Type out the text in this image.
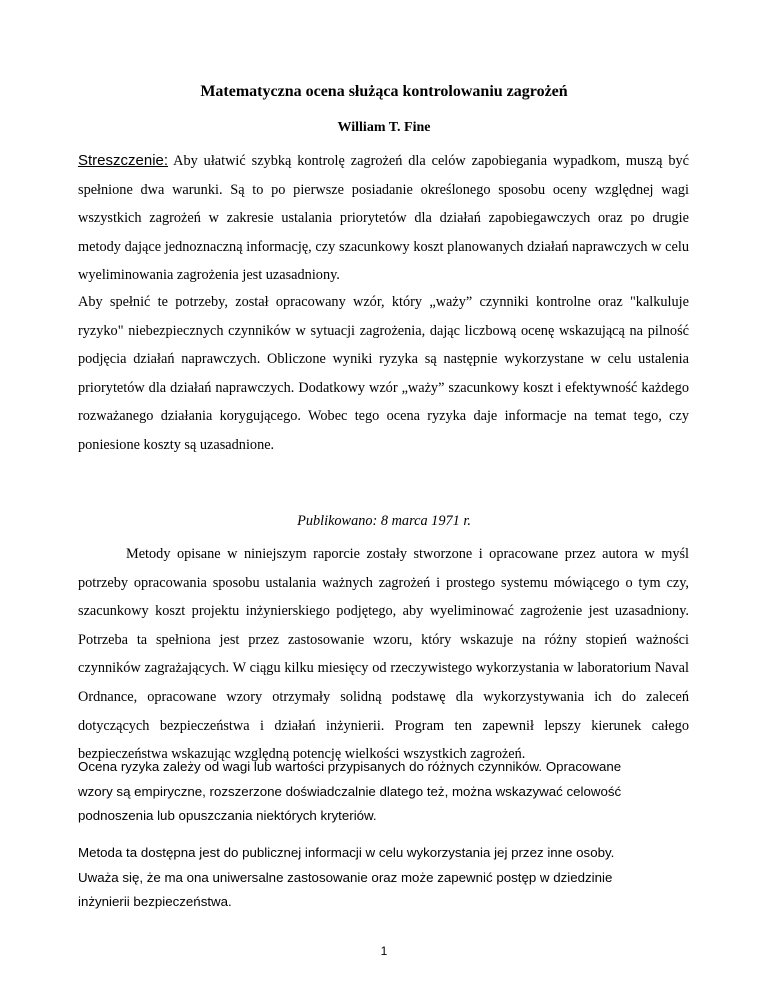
Matematyczna ocena służąca kontrolowaniu zagrożeń

William T. Fine

Streszczenie: Aby ułatwić szybką kontrolę zagrożeń dla celów zapobiegania wypadkom, muszą być spełnione dwa warunki. Są to po pierwsze posiadanie określonego sposobu oceny względnej wagi wszystkich zagrożeń w zakresie ustalania priorytetów dla działań zapobiegawczych oraz po drugie metody dające jednoznaczną informację, czy szacunkowy koszt planowanych działań naprawczych w celu wyeliminowania zagrożenia jest uzasadniony.

Aby spełnić te potrzeby, został opracowany wzór, który „waży” czynniki kontrolne oraz "kalkuluje ryzyko" niebezpiecznych czynników w sytuacji zagrożenia, dając liczbową ocenę wskazującą na pilność podjęcia działań naprawczych. Obliczone wyniki ryzyka są następnie wykorzystane w celu ustalenia priorytetów dla działań naprawczych. Dodatkowy wzór „waży” szacunkowy koszt i efektywność każdego rozważanego działania korygującego. Wobec tego ocena ryzyka daje informacje na temat tego, czy poniesione koszty są uzasadnione.

Publikowano: 8 marca 1971 r.

Metody opisane w niniejszym raporcie zostały stworzone i opracowane przez autora w myśl potrzeby opracowania sposobu ustalania ważnych zagrożeń i prostego systemu mówiącego o tym czy, szacunkowy koszt projektu inżynierskiego podjętego, aby wyeliminować zagrożenie jest uzasadniony. Potrzeba ta spełniona jest przez zastosowanie wzoru, który wskazuje na różny stopień ważności czynników zagrażających. W ciągu kilku miesięcy od rzeczywistego wykorzystania w laboratorium Naval Ordnance, opracowane wzory otrzymały solidną podstawę dla wykorzystywania ich do zaleceń dotyczących bezpieczeństwa i działań inżynierii. Program ten zapewnił lepszy kierunek całego bezpieczeństwa wskazując względną potencję wielkości wszystkich zagrożeń.

Ocena ryzyka zależy od wagi lub wartości przypisanych do różnych czynników. Opracowane
wzory są empiryczne, rozszerzone doświadczalnie dlatego też, można wskazywać celowość
podnoszenia lub opuszczania niektórych kryteriów.
Metoda ta dostępna jest do publicznej informacji w celu wykorzystania jej przez inne osoby.
Uważa się, że ma ona uniwersalne zastosowanie oraz może zapewnić postęp w dziedzinie
inżynierii bezpieczeństwa.

1
